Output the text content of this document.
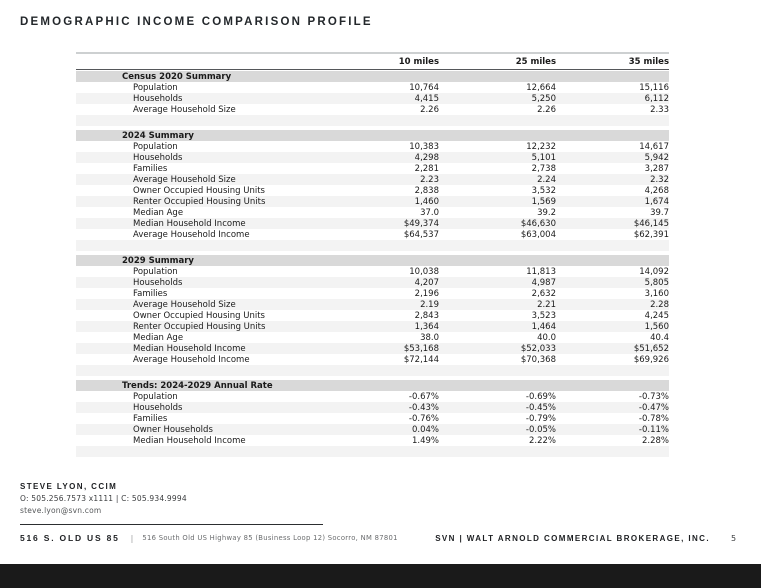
DEMOGRAPHIC INCOME COMPARISON PROFILE
10 miles	25 miles	35 miles
Census 2020 Summary
Population	10,764	12,664	15,116
Households	4,415	5,250	6,112
Average Household Size	2.26	2.26	2.33
2024 Summary
Population	10,383	12,232	14,617
Households	4,298	5,101	5,942
Families	2,281	2,738	3,287
Average Household Size	2.23	2.24	2.32
Owner Occupied Housing Units	2,838	3,532	4,268
Renter Occupied Housing Units	1,460	1,569	1,674
Median Age	37.0	39.2	39.7
Median Household Income	$49,374	$46,630	$46,145
Average Household Income	$64,537	$63,004	$62,391
2029 Summary
Population	10,038	11,813	14,092
Households	4,207	4,987	5,805
Families	2,196	2,632	3,160
Average Household Size	2.19	2.21	2.28
Owner Occupied Housing Units	2,843	3,523	4,245
Renter Occupied Housing Units	1,364	1,464	1,560
Median Age	38.0	40.0	40.4
Median Household Income	$53,168	$52,033	$51,652
Average Household Income	$72,144	$70,368	$69,926
Trends: 2024-2029 Annual Rate
Population	-0.67%	-0.69%	-0.73%
Households	-0.43%	-0.45%	-0.47%
Families	-0.76%	-0.79%	-0.78%
Owner Households	0.04%	-0.05%	-0.11%
Median Household Income	1.49%	2.22%	2.28%
STEVE LYON, CCIM
O: 505.256.7573 x1111 | C: 505.934.9994
steve.lyon@svn.com
516 S. OLD US 85 | 516 South Old US Highway 85 (Business Loop 12) Socorro, NM 87801	SVN | WALT ARNOLD COMMERCIAL BROKERAGE, INC.	5
